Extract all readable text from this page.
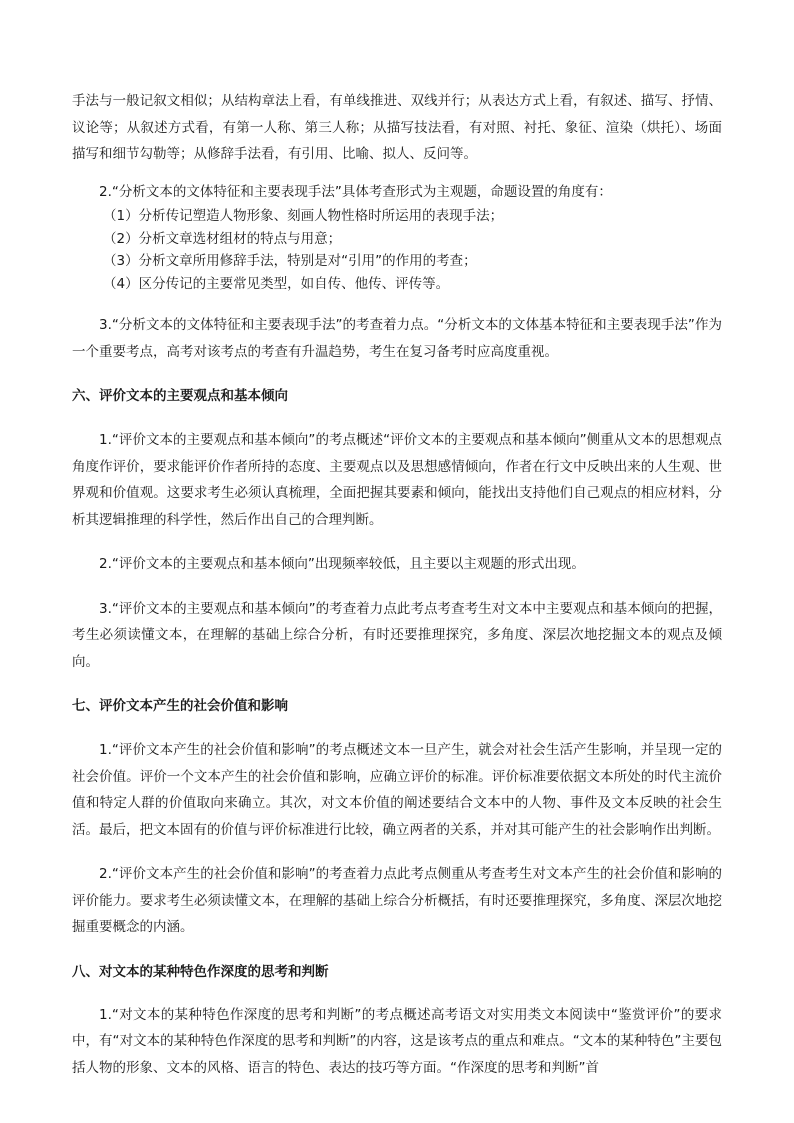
手法与一般记叙文相似；从结构章法上看，有单线推进、双线并行；从表达方式上看，有叙述、描写、抒情、议论等；从叙述方式看，有第一人称、第三人称；从描写技法看，有对照、衬托、象征、渲染（烘托）、场面描写和细节勾勒等；从修辞手法看，有引用、比喻、拟人、反问等。

2.“分析文本的文体特征和主要表现手法”具体考查形式为主观题，命题设置的角度有：

（1）分析传记塑造人物形象、刻画人物性格时所运用的表现手法；

（2）分析文章选材组材的特点与用意；

（3）分析文章所用修辞手法，特别是对“引用”的作用的考查；

（4）区分传记的主要常见类型，如自传、他传、评传等。

3.“分析文本的文体特征和主要表现手法”的考查着力点。“分析文本的文体基本特征和主要表现手法”作为一个重要考点，高考对该考点的考查有升温趋势，考生在复习备考时应高度重视。

六、评价文本的主要观点和基本倾向

1.“评价文本的主要观点和基本倾向”的考点概述“评价文本的主要观点和基本倾向”侧重从文本的思想观点角度作评价，要求能评价作者所持的态度、主要观点以及思想感情倾向，作者在行文中反映出来的人生观、世界观和价值观。这要求考生必须认真梳理，全面把握其要素和倾向，能找出支持他们自己观点的相应材料，分析其逻辑推理的科学性，然后作出自己的合理判断。

2.“评价文本的主要观点和基本倾向”出现频率较低，且主要以主观题的形式出现。

3.“评价文本的主要观点和基本倾向”的考查着力点此考点考查考生对文本中主要观点和基本倾向的把握，考生必须读懂文本，在理解的基础上综合分析，有时还要推理探究，多角度、深层次地挖掘文本的观点及倾向。

七、评价文本产生的社会价值和影响

1.“评价文本产生的社会价值和影响”的考点概述文本一旦产生，就会对社会生活产生影响，并呈现一定的社会价值。评价一个文本产生的社会价值和影响，应确立评价的标准。评价标准要依据文本所处的时代主流价值和特定人群的价值取向来确立。其次，对文本价值的阐述要结合文本中的人物、事件及文本反映的社会生活。最后，把文本固有的价值与评价标准进行比较，确立两者的关系，并对其可能产生的社会影响作出判断。

2.“评价文本产生的社会价值和影响”的考查着力点此考点侧重从考查考生对文本产生的社会价值和影响的评价能力。要求考生必须读懂文本，在理解的基础上综合分析概括，有时还要推理探究，多角度、深层次地挖掘重要概念的内涵。

八、对文本的某种特色作深度的思考和判断

1.“对文本的某种特色作深度的思考和判断”的考点概述高考语文对实用类文本阅读中“鉴赏评价”的要求中，有“对文本的某种特色作深度的思考和判断”的内容，这是该考点的重点和难点。“文本的某种特色”主要包括人物的形象、文本的风格、语言的特色、表达的技巧等方面。“作深度的思考和判断”首
